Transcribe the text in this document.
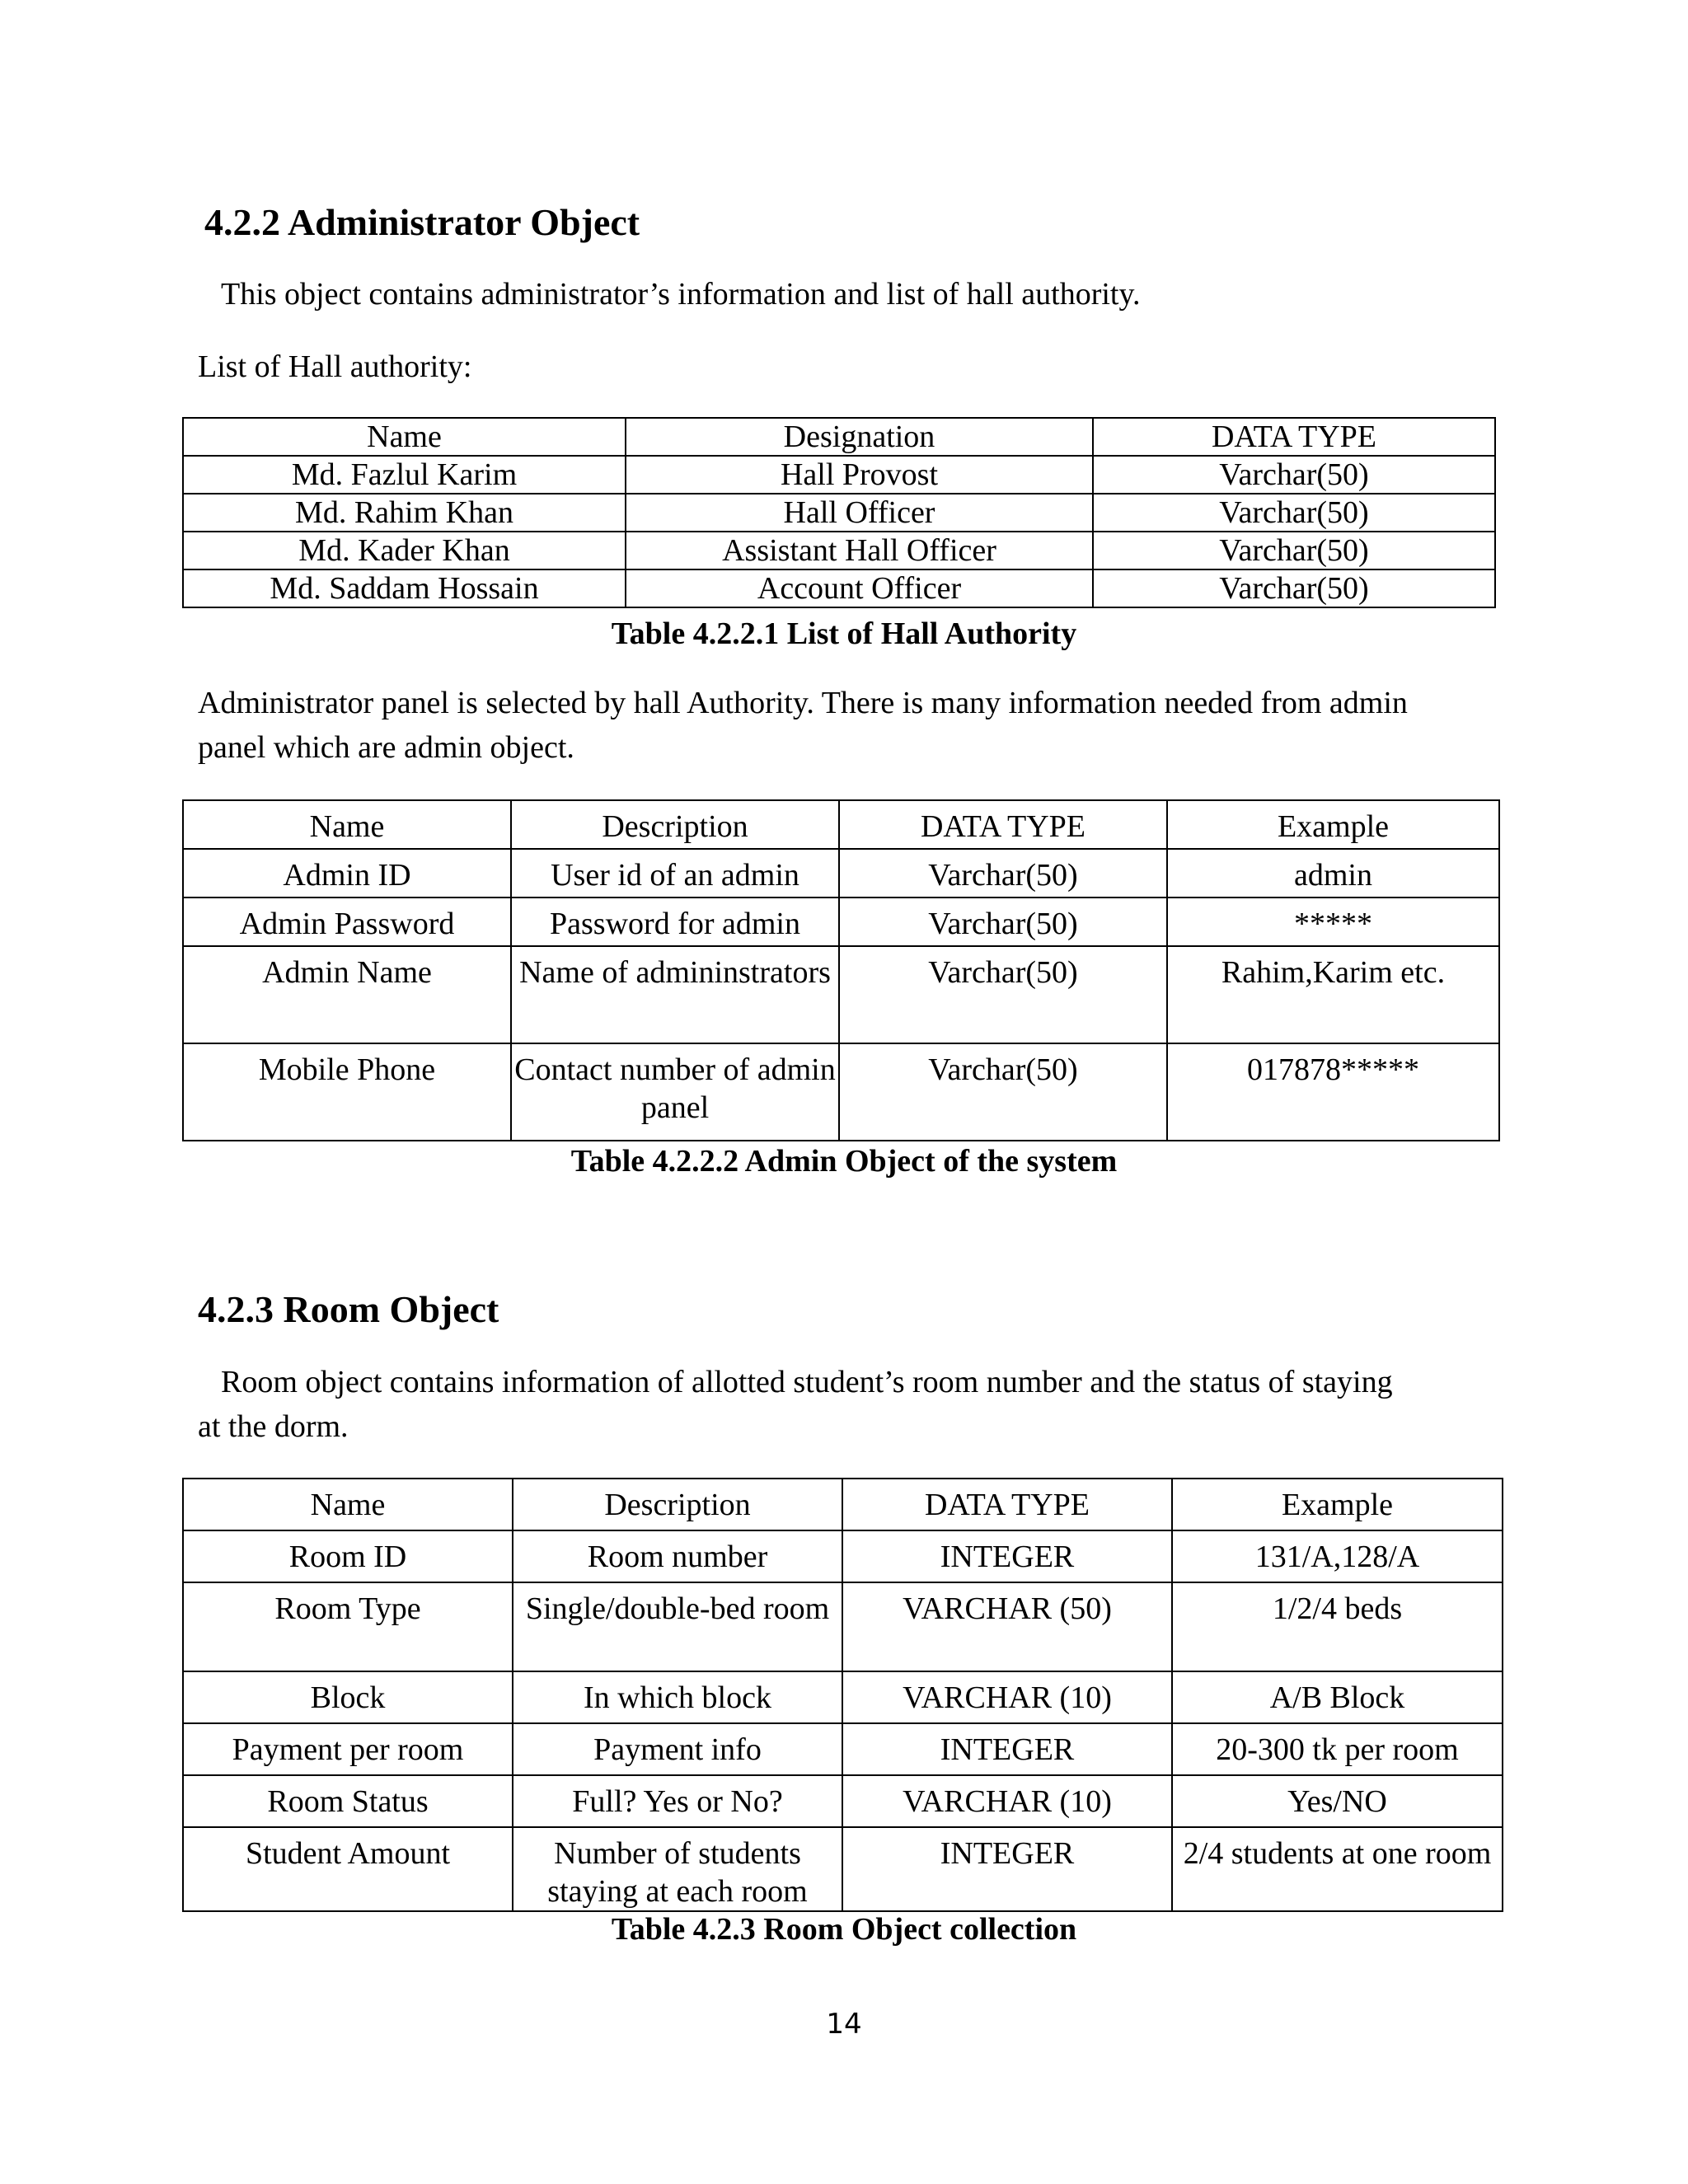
4.2.2 Administrator Object

This object contains administrator’s information and list of hall authority.

List of Hall authority:

Name	Designation	DATA TYPE
Md. Fazlul Karim	Hall Provost	Varchar(50)
Md. Rahim Khan	Hall Officer	Varchar(50)
Md. Kader Khan	Assistant Hall Officer	Varchar(50)
Md. Saddam Hossain	Account Officer	Varchar(50)
Table 4.2.2.1 List of Hall Authority

Administrator panel is selected by hall Authority. There is many information needed from admin

panel which are admin object.

Name	Description	DATA TYPE	Example
Admin ID	User id of an admin	Varchar(50)	admin
Admin Password	Password for admin	Varchar(50)	*****
Admin Name	Name of admininstrators	Varchar(50)	Rahim,Karim etc.
Mobile Phone	Contact number of admin panel	Varchar(50)	017878*****
Table 4.2.2.2 Admin Object of the system
4.2.3 Room Object

Room object contains information of allotted student’s room number and the status of staying

at the dorm.

Name	Description	DATA TYPE	Example
Room ID	Room number	INTEGER	131/A,128/A
Room Type	Single/double-bed room	VARCHAR (50)	1/2/4 beds
Block	In which block	VARCHAR (10)	A/B Block
Payment per room	Payment info	INTEGER	20-300 tk per room
Room Status	Full? Yes or No?	VARCHAR (10)	Yes/NO
Student Amount	Number of students staying at each room	INTEGER	2/4 students at one room
Table 4.2.3 Room Object collection
14
